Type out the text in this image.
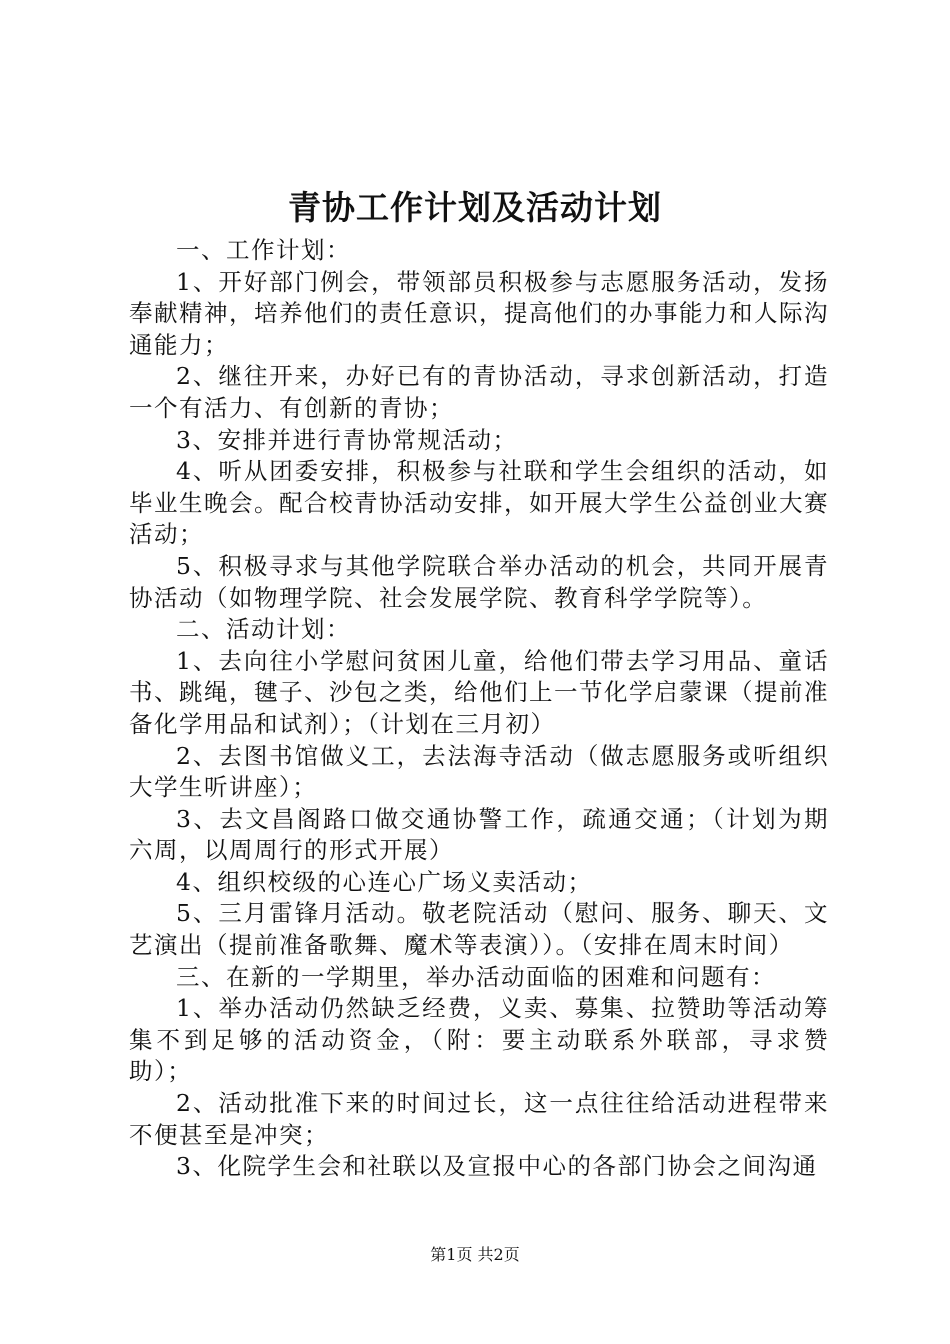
青协工作计划及活动计划

一、工作计划：

1、开好部门例会，带领部员积极参与志愿服务活动，发扬奉献精神，培养他们的责任意识，提高他们的办事能力和人际沟通能力；

2、继往开来，办好已有的青协活动，寻求创新活动，打造一个有活力、有创新的青协；

3、安排并进行青协常规活动；

4、听从团委安排，积极参与社联和学生会组织的活动，如毕业生晚会。配合校青协活动安排，如开展大学生公益创业大赛活动；

5、积极寻求与其他学院联合举办活动的机会，共同开展青协活动（如物理学院、社会发展学院、教育科学学院等）。

二、活动计划：

1、去向往小学慰问贫困儿童，给他们带去学习用品、童话书、跳绳，毽子、沙包之类，给他们上一节化学启蒙课（提前准备化学用品和试剂）；（计划在三月初）

2、去图书馆做义工，去法海寺活动（做志愿服务或听组织大学生听讲座）；

3、去文昌阁路口做交通协警工作，疏通交通；（计划为期六周，以周周行的形式开展）

4、组织校级的心连心广场义卖活动；

5、三月雷锋月活动。敬老院活动（慰问、服务、聊天、文艺演出（提前准备歌舞、魔术等表演））。（安排在周末时间）

三、在新的一学期里，举办活动面临的困难和问题有：

1、举办活动仍然缺乏经费，义卖、募集、拉赞助等活动筹集不到足够的活动资金，（附：要主动联系外联部，寻求赞助）；

2、活动批准下来的时间过长，这一点往往给活动进程带来不便甚至是冲突；

3、化院学生会和社联以及宣报中心的各部门协会之间沟通

第1页 共2页
